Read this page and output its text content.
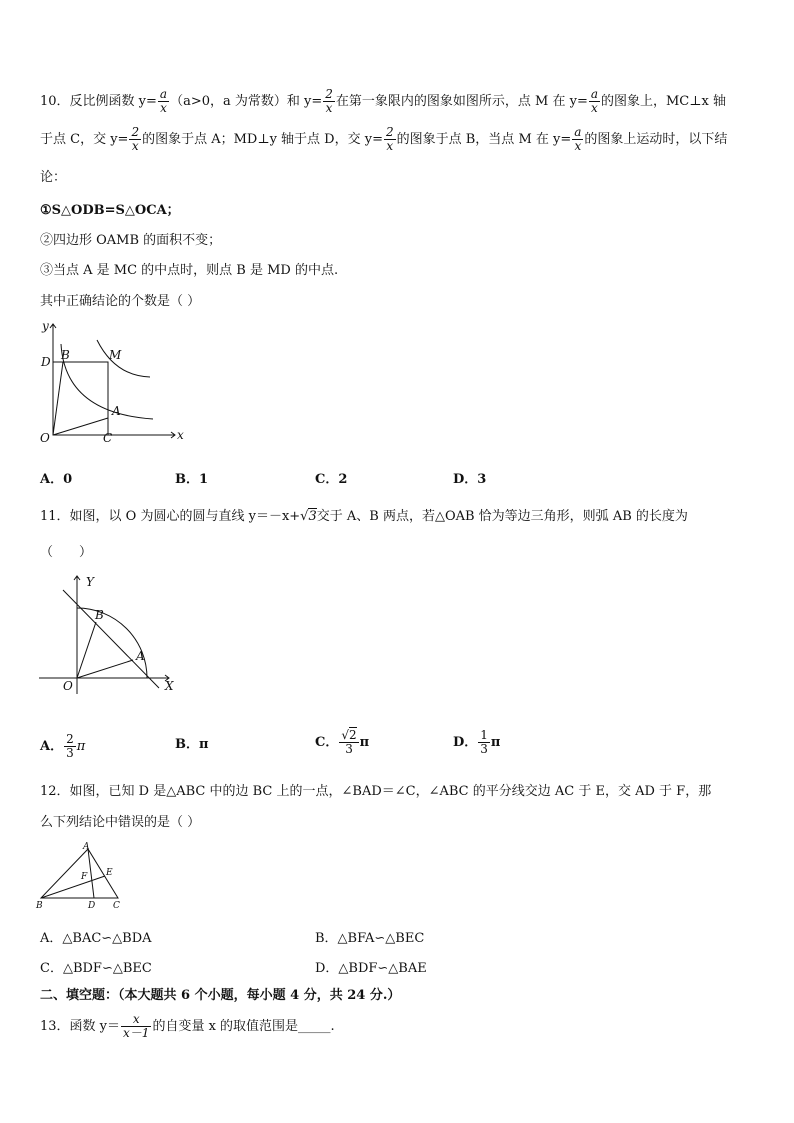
10．反比例函数 $y= \frac{a}{x} (a>0$，a 为常数）和 $y= \frac{2}{x}$ 在第一象限内的图象如图所示，点 M 在 $y= \frac{a}{x}$ 的图象上，MC⊥x 轴
于点 C，交 $y= \frac{2}{x}$ 的图象于点 A；MD⊥y 轴于点 D，交 $y= \frac{2}{x}$ 的图象于点 B，当点 M 在 $y= \frac{a}{x}$ 的图象上运动时，以下结
论：
①S△ODB=S△OCA；
②四边形 OAMB 的面积不变；
③当点 A 是 MC 的中点时，则点 B 是 MD 的中点.
其中正确结论的个数是（ ）
y
x
D B	M
A
O	C
A．0	B．1	C．2	D．3
11．如图，以 O 为圆心的圆与直线 y＝－x+√3交于 A、B 两点，若△OAB 恰为等边三角形，则弧 AB 的长度为
（　　）
Y
X
B
A
O
A． $\frac{2}{3}$ π	B．π	C． $\frac{√2}{3}$ π	D． $\frac{1}{3}$ π
12．如图，已知 D 是△ABC 中的边 BC 上的一点，∠BAD＝∠C，∠ABC 的平分线交边 AC 于 E，交 AD 于 F，那
么下列结论中错误的是（ ）
A
B	C
D
E
F
A．△BAC∽△BDA	B．△BFA∽△BEC
C．△BDF∽△BEC	D．△BDF∽△BAE
二、填空题：（本大题共 6 个小题，每小题 4 分，共 24 分.）
13．函数 $y= \frac{x}{x-1}$ 的自变量 x 的取值范围是_____.
